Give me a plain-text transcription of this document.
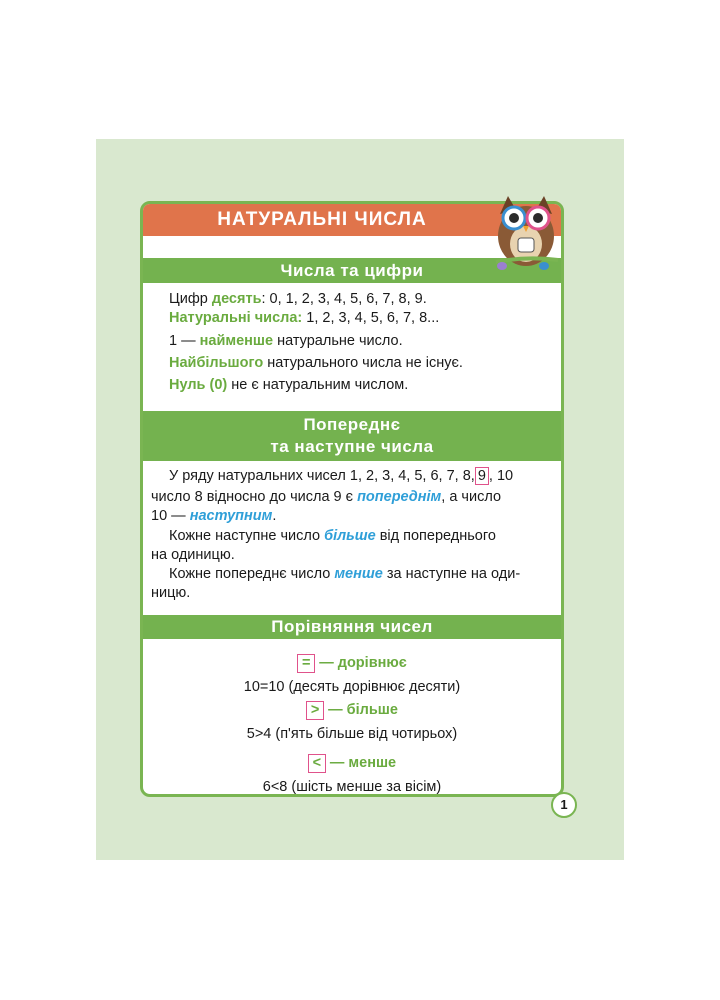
НАТУРАЛЬНІ ЧИСЛА
Числа та цифри
Цифр десять: 0, 1, 2, 3, 4, 5, 6, 7, 8, 9.
Натуральні числа: 1, 2, 3, 4, 5, 6, 7, 8...
1 — найменше натуральне число.
Найбільшого натурального числа не існує.
Нуль (0) не є натуральним числом.
Попереднє
та наступне числа
У ряду натуральних чисел 1, 2, 3, 4, 5, 6, 7, 8, 9 , 10
число 8 відносно до числа 9 є попереднім, а число
10 — наступним.
Кожне наступне число більше від попереднього
на одиницю.
Кожне попереднє число менше за наступне на оди-
ницю.
Порівняння чисел
= — дорівнює
10=10 (десять дорівнює десяти)
> — більше
5>4 (п'ять більше від чотирьох)
< — менше
6<8 (шість менше за вісім)
1
